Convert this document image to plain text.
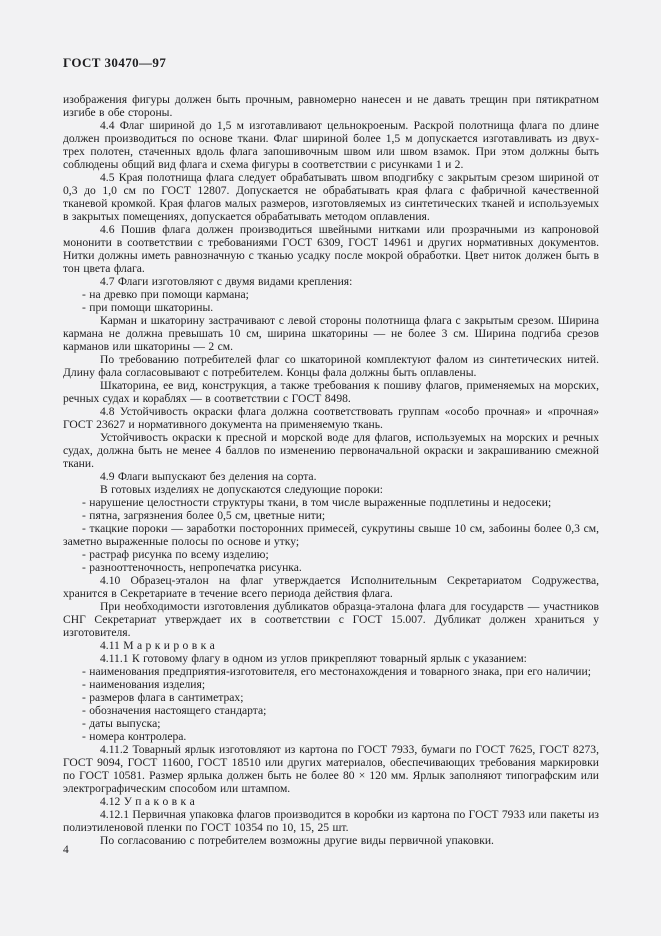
ГОСТ 30470—97

изображения фигуры должен быть прочным, равномерно нанесен и не давать трещин при пятикратном изгибе в обе стороны.

4.4 Флаг шириной до 1,5 м изготавливают цельнокроеным. Раскрой полотнища флага по длине должен производиться по основе ткани. Флаг шириной более 1,5 м допускается изготавливать из двух-трех полотен, стаченных вдоль флага запошивочным швом или швом взамок. При этом должны быть соблюдены общий вид флага и схема фигуры в соответствии с рисунками 1 и 2.

4.5 Края полотнища флага следует обрабатывать швом вподгибку с закрытым срезом шириной от 0,3 до 1,0 см по ГОСТ 12807. Допускается не обрабатывать края флага с фабричной качественной тканевой кромкой. Края флагов малых размеров, изготовляемых из синтетических тканей и используемых в закрытых помещениях, допускается обрабатывать методом оплавления.

4.6 Пошив флага должен производиться швейными нитками или прозрачными из капроновой мононити в соответствии с требованиями ГОСТ 6309, ГОСТ 14961 и других нормативных документов. Нитки должны иметь равнозначную с тканью усадку после мокрой обработки. Цвет ниток должен быть в тон цвета флага.

4.7 Флаги изготовляют с двумя видами крепления:

- на древко при помощи кармана;

- при помощи шкаторины.

Карман и шкаторину застрачивают с левой стороны полотнища флага с закрытым срезом. Ширина кармана не должна превышать 10 см, ширина шкаторины — не более 3 см. Ширина подгиба срезов карманов или шкаторины — 2 см.

По требованию потребителей флаг со шкаториной комплектуют фалом из синтетических нитей. Длину фала согласовывают с потребителем. Концы фала должны быть оплавлены.

Шкаторина, ее вид, конструкция, а также требования к пошиву флагов, применяемых на морских, речных судах и кораблях — в соответствии с ГОСТ 8498.

4.8 Устойчивость окраски флага должна соответствовать группам «особо прочная» и «прочная» ГОСТ 23627 и нормативного документа на применяемую ткань.

Устойчивость окраски к пресной и морской воде для флагов, используемых на морских и речных судах, должна быть не менее 4 баллов по изменению первоначальной окраски и закрашиванию смежной ткани.

4.9 Флаги выпускают без деления на сорта.

В готовых изделиях не допускаются следующие пороки:

- нарушение целостности структуры ткани, в том числе выраженные подплетины и недосеки;

- пятна, загрязнения более 0,5 см, цветные нити;

- ткацкие пороки — заработки посторонних примесей, сукрутины свыше 10 см, забоины более 0,3 см, заметно выраженные полосы по основе и утку;

- растраф рисунка по всему изделию;

- разнооттеночность, непропечатка рисунка.

4.10 Образец-эталон на флаг утверждается Исполнительным Секретариатом Содружества, хранится в Секретариате в течение всего периода действия флага.

При необходимости изготовления дубликатов образца-эталона флага для государств — участников СНГ Секретариат утверждает их в соответствии с ГОСТ 15.007. Дубликат должен храниться у изготовителя.

4.11 М а р к и р о в к а

4.11.1 К готовому флагу в одном из углов прикрепляют товарный ярлык с указанием:

- наименования предприятия-изготовителя, его местонахождения и товарного знака, при его наличии;

- наименования изделия;

- размеров флага в сантиметрах;

- обозначения настоящего стандарта;

- даты выпуска;

- номера контролера.

4.11.2 Товарный ярлык изготовляют из картона по ГОСТ 7933, бумаги по ГОСТ 7625, ГОСТ 8273, ГОСТ 9094, ГОСТ 11600, ГОСТ 18510 или других материалов, обеспечивающих требования маркировки по ГОСТ 10581. Размер ярлыка должен быть не более 80 × 120 мм. Ярлык заполняют типографским или электрографическим способом или штампом.

4.12 У п а к о в к а

4.12.1 Первичная упаковка флагов производится в коробки из картона по ГОСТ 7933 или пакеты из полиэтиленовой пленки по ГОСТ 10354 по 10, 15, 25 шт.

По согласованию с потребителем возможны другие виды первичной упаковки.

4
